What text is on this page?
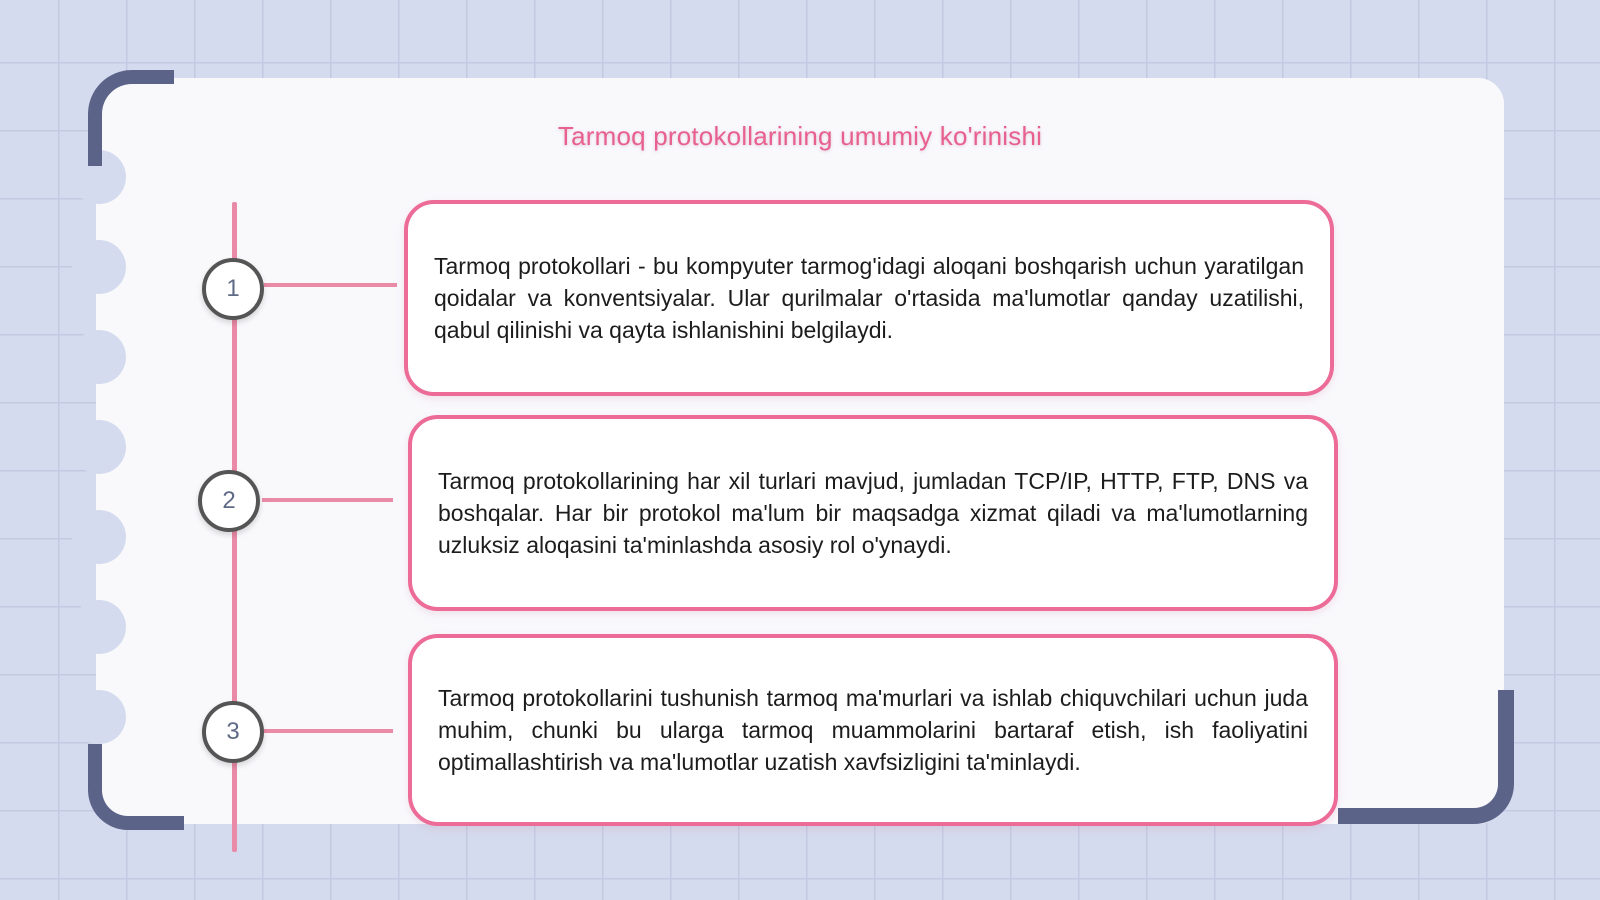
Tarmoq protokollarining umumiy ko'rinishi
1
Tarmoq protokollari - bu kompyuter tarmog'idagi aloqani boshqarish uchun yaratilgan qoidalar va konventsiyalar. Ular qurilmalar o'rtasida ma'lumotlar qanday uzatilishi, qabul qilinishi va qayta ishlanishini belgilaydi.
2
Tarmoq protokollarining har xil turlari mavjud, jumladan TCP/IP, HTTP, FTP, DNS va boshqalar. Har bir protokol ma'lum bir maqsadga xizmat qiladi va ma'lumotlarning uzluksiz aloqasini ta'minlashda asosiy rol o'ynaydi.
3
Tarmoq protokollarini tushunish tarmoq ma'murlari va ishlab chiquvchilari uchun juda muhim, chunki bu ularga tarmoq muammolarini bartaraf etish, ish faoliyatini optimallashtirish va ma'lumotlar uzatish xavfsizligini ta'minlaydi.
